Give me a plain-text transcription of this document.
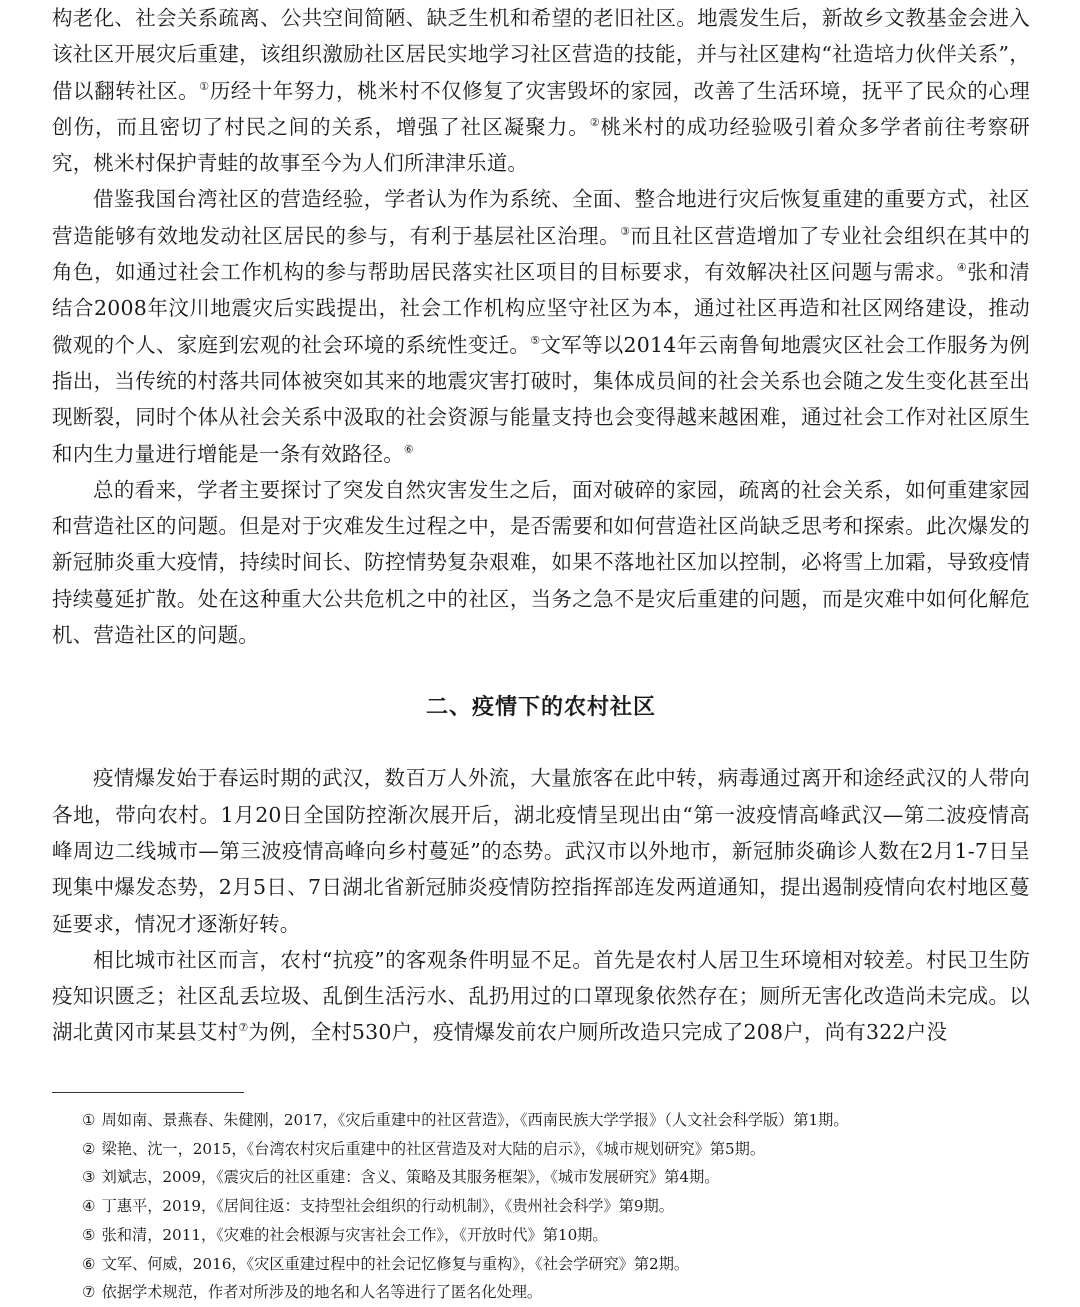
构老化、社会关系疏离、公共空间简陋、缺乏生机和希望的老旧社区。地震发生后，新故乡文教基金会进入该社区开展灾后重建，该组织激励社区居民实地学习社区营造的技能，并与社区建构“社造培力伙伴关系”，借以翻转社区。①历经十年努力，桃米村不仅修复了灾害毁坏的家园，改善了生活环境，抚平了民众的心理创伤，而且密切了村民之间的关系，增强了社区凝聚力。②桃米村的成功经验吸引着众多学者前往考察研究，桃米村保护青蛙的故事至今为人们所津津乐道。

借鉴我国台湾社区的营造经验，学者认为作为系统、全面、整合地进行灾后恢复重建的重要方式，社区营造能够有效地发动社区居民的参与，有利于基层社区治理。③而且社区营造增加了专业社会组织在其中的角色，如通过社会工作机构的参与帮助居民落实社区项目的目标要求，有效解决社区问题与需求。④张和清结合2008年汶川地震灾后实践提出，社会工作机构应坚守社区为本，通过社区再造和社区网络建设，推动微观的个人、家庭到宏观的社会环境的系统性变迁。⑤文军等以2014年云南鲁甸地震灾区社会工作服务为例指出，当传统的村落共同体被突如其来的地震灾害打破时，集体成员间的社会关系也会随之发生变化甚至出现断裂，同时个体从社会关系中汲取的社会资源与能量支持也会变得越来越困难，通过社会工作对社区原生和内生力量进行增能是一条有效路径。⑥

总的看来，学者主要探讨了突发自然灾害发生之后，面对破碎的家园，疏离的社会关系，如何重建家园和营造社区的问题。但是对于灾难发生过程之中，是否需要和如何营造社区尚缺乏思考和探索。此次爆发的新冠肺炎重大疫情，持续时间长、防控情势复杂艰难，如果不落地社区加以控制，必将雪上加霜，导致疫情持续蔓延扩散。处在这种重大公共危机之中的社区，当务之急不是灾后重建的问题，而是灾难中如何化解危机、营造社区的问题。

二、疫情下的农村社区

疫情爆发始于春运时期的武汉，数百万人外流，大量旅客在此中转，病毒通过离开和途经武汉的人带向各地，带向农村。1月20日全国防控渐次展开后，湖北疫情呈现出由“第一波疫情高峰武汉—第二波疫情高峰周边二线城市—第三波疫情高峰向乡村蔓延”的态势。武汉市以外地市，新冠肺炎确诊人数在2月1-7日呈现集中爆发态势，2月5日、7日湖北省新冠肺炎疫情防控指挥部连发两道通知，提出遏制疫情向农村地区蔓延要求，情况才逐渐好转。

相比城市社区而言，农村“抗疫”的客观条件明显不足。首先是农村人居卫生环境相对较差。村民卫生防疫知识匮乏；社区乱丢垃圾、乱倒生活污水、乱扔用过的口罩现象依然存在；厕所无害化改造尚未完成。以湖北黄冈市某县艾村⑦为例，全村530户，疫情爆发前农户厕所改造只完成了208户，尚有322户没

① 周如南、景燕春、朱健刚，2017，《灾后重建中的社区营造》，《西南民族大学学报》（人文社会科学版）第1期。
② 梁艳、沈一，2015，《台湾农村灾后重建中的社区营造及对大陆的启示》，《城市规划研究》第5期。
③ 刘斌志，2009，《震灾后的社区重建：含义、策略及其服务框架》，《城市发展研究》第4期。
④ 丁惠平，2019，《居间往返：支持型社会组织的行动机制》，《贵州社会科学》第9期。
⑤ 张和清，2011，《灾难的社会根源与灾害社会工作》，《开放时代》第10期。
⑥ 文军、何威，2016，《灾区重建过程中的社会记忆修复与重构》，《社会学研究》第2期。
⑦ 依据学术规范，作者对所涉及的地名和人名等进行了匿名化处理。
